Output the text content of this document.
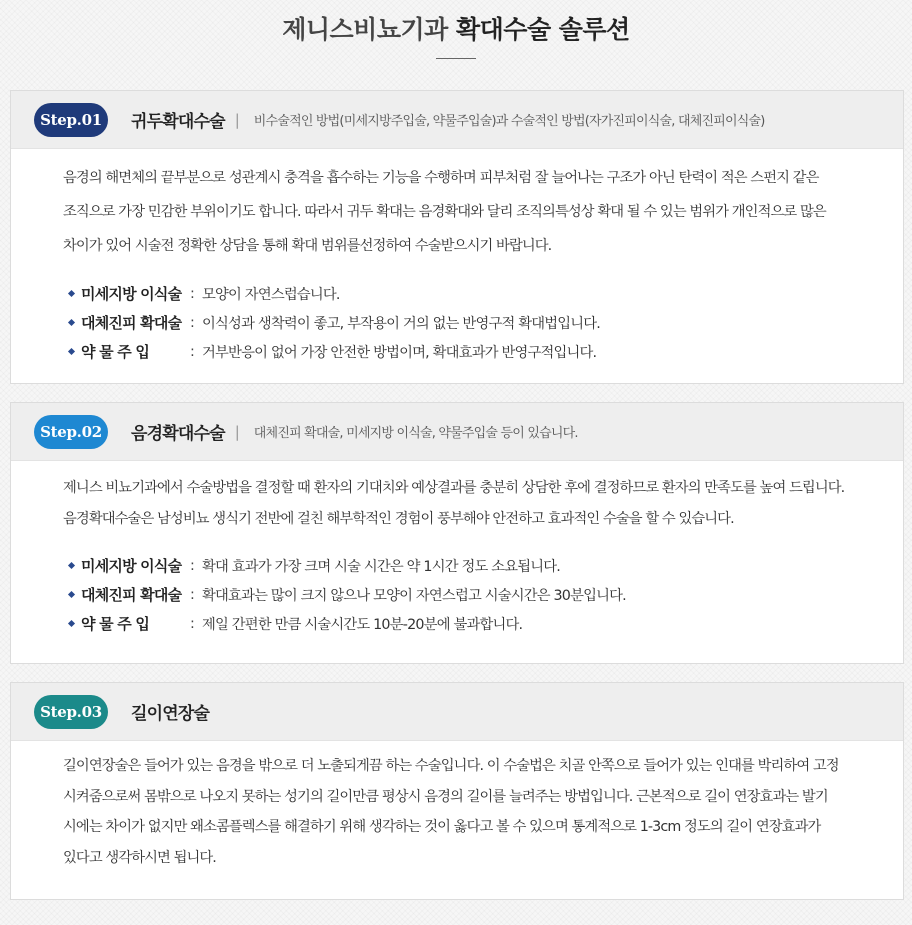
제니스비뇨기과 확대수술 솔루션
Step.01	귀두확대수술 | 비수술적인 방법(미세지방주입술, 약물주입술)과 수술적인 방법(자가진피이식술, 대체진피이식술)

음경의 해면체의 끝부분으로 성관계시 충격을 흡수하는 기능을 수행하며 피부처럼 잘 늘어나는 구조가 아닌 탄력이 적은 스펀지 같은

조직으로 가장 민감한 부위이기도 합니다. 따라서 귀두 확대는 음경확대와 달리 조직의특성상 확대 될 수 있는 범위가 개인적으로 많은

차이가 있어 시술전 정확한 상담을 통해 확대 범위를선정하여 수술받으시기 바랍니다.

미세지방 이식술 : 모양이 자연스럽습니다.
대체진피 확대술 : 이식성과 생착력이 좋고, 부작용이 거의 없는 반영구적 확대법입니다.
약 물 주 입	: 거부반응이 없어 가장 안전한 방법이며, 확대효과가 반영구적입니다.
Step.02	음경확대수술 | 대체진피 확대술, 미세지방 이식술, 약물주입술 등이 있습니다.

제니스 비뇨기과에서 수술방법을 결정할 때 환자의 기대치와 예상결과를 충분히 상담한 후에 결정하므로 환자의 만족도를 높여 드립니다.

음경확대수술은 남성비뇨 생식기 전반에 걸친 해부학적인 경험이 풍부해야 안전하고 효과적인 수술을 할 수 있습니다.

미세지방 이식술 : 확대 효과가 가장 크며 시술 시간은 약 1시간 정도 소요됩니다.
대체진피 확대술 : 확대효과는 많이 크지 않으나 모양이 자연스럽고 시술시간은 30분입니다.
약 물 주 입	: 제일 간편한 만큼 시술시간도 10분-20분에 불과합니다.
Step.03	길이연장술

길이연장술은 들어가 있는 음경을 밖으로 더 노출되게끔 하는 수술입니다. 이 수술법은 치골 안쪽으로 들어가 있는 인대를 박리하여 고정

시켜줌으로써 몸밖으로 나오지 못하는 성기의 길이만큼 평상시 음경의 길이를 늘려주는 방법입니다. 근본적으로 길이 연장효과는 발기

시에는 차이가 없지만 왜소콤플렉스를 해결하기 위해 생각하는 것이 옳다고 볼 수 있으며 통계적으로 1-3cm 정도의 길이 연장효과가

있다고 생각하시면 됩니다.
